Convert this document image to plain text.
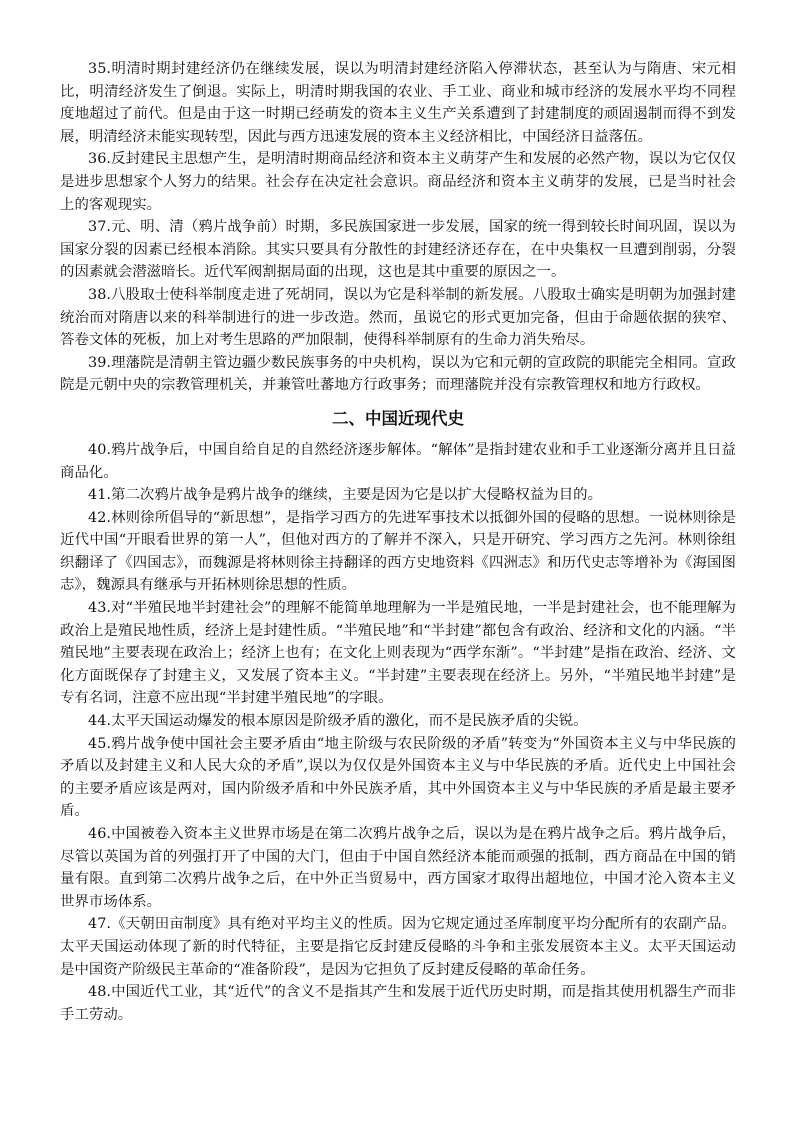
35.明清时期封建经济仍在继续发展，误以为明清封建经济陷入停滞状态，甚至认为与隋唐、宋元相比，明清经济发生了倒退。实际上，明清时期我国的农业、手工业、商业和城市经济的发展水平均不同程度地超过了前代。但是由于这一时期已经萌发的资本主义生产关系遭到了封建制度的顽固遏制而得不到发展，明清经济未能实现转型，因此与西方迅速发展的资本主义经济相比，中国经济日益落伍。

36.反封建民主思想产生，是明清时期商品经济和资本主义萌芽产生和发展的必然产物，误以为它仅仅是进步思想家个人努力的结果。社会存在决定社会意识。商品经济和资本主义萌芽的发展，已是当时社会上的客观现实。

37.元、明、清（鸦片战争前）时期，多民族国家进一步发展，国家的统一得到较长时间巩固，误以为国家分裂的因素已经根本消除。其实只要具有分散性的封建经济还存在，在中央集权一旦遭到削弱，分裂的因素就会潜滋暗长。近代军阀割据局面的出现，这也是其中重要的原因之一。

38.八股取士使科举制度走进了死胡同，误以为它是科举制的新发展。八股取士确实是明朝为加强封建统治而对隋唐以来的科举制进行的进一步改造。然而，虽说它的形式更加完备，但由于命题依据的狭窄、答卷文体的死板，加上对考生思路的严加限制，使得科举制原有的生命力消失殆尽。

39.理藩院是清朝主管边疆少数民族事务的中央机构，误以为它和元朝的宣政院的职能完全相同。宣政院是元朝中央的宗教管理机关，并兼管吐蕃地方行政事务；而理藩院并没有宗教管理权和地方行政权。

二、中国近现代史

40.鸦片战争后，中国自给自足的自然经济逐步解体。“解体”是指封建农业和手工业逐渐分离并且日益商品化。

41.第二次鸦片战争是鸦片战争的继续，主要是因为它是以扩大侵略权益为目的。

42.林则徐所倡导的“新思想”，是指学习西方的先进军事技术以抵御外国的侵略的思想。一说林则徐是近代中国“开眼看世界的第一人”，但他对西方的了解并不深入，只是开研究、学习西方之先河。林则徐组织翻译了《四国志》，而魏源是将林则徐主持翻译的西方史地资料《四洲志》和历代史志等增补为《海国图志》，魏源具有继承与开拓林则徐思想的性质。

43.对“半殖民地半封建社会”的理解不能简单地理解为一半是殖民地，一半是封建社会，也不能理解为政治上是殖民地性质，经济上是封建性质。“半殖民地”和“半封建”都包含有政治、经济和文化的内涵。“半殖民地”主要表现在政治上；经济上也有；在文化上则表现为“西学东渐”。“半封建”是指在政治、经济、文化方面既保存了封建主义，又发展了资本主义。“半封建”主要表现在经济上。另外，“半殖民地半封建”是专有名词，注意不应出现“半封建半殖民地”的字眼。

44.太平天国运动爆发的根本原因是阶级矛盾的激化，而不是民族矛盾的尖锐。

45.鸦片战争使中国社会主要矛盾由“地主阶级与农民阶级的矛盾”转变为“外国资本主义与中华民族的矛盾以及封建主义和人民大众的矛盾”,误以为仅仅是外国资本主义与中华民族的矛盾。近代史上中国社会的主要矛盾应该是两对，国内阶级矛盾和中外民族矛盾，其中外国资本主义与中华民族的矛盾是最主要矛盾。

46.中国被卷入资本主义世界市场是在第二次鸦片战争之后，误以为是在鸦片战争之后。鸦片战争后，尽管以英国为首的列强打开了中国的大门，但由于中国自然经济本能而顽强的抵制，西方商品在中国的销量有限。直到第二次鸦片战争之后，在中外正当贸易中，西方国家才取得出超地位，中国才沦入资本主义世界市场体系。

47.《天朝田亩制度》具有绝对平均主义的性质。因为它规定通过圣库制度平均分配所有的农副产品。太平天国运动体现了新的时代特征，主要是指它反封建反侵略的斗争和主张发展资本主义。太平天国运动是中国资产阶级民主革命的“准备阶段”，是因为它担负了反封建反侵略的革命任务。

48.中国近代工业，其“近代”的含义不是指其产生和发展于近代历史时期，而是指其使用机器生产而非手工劳动。
